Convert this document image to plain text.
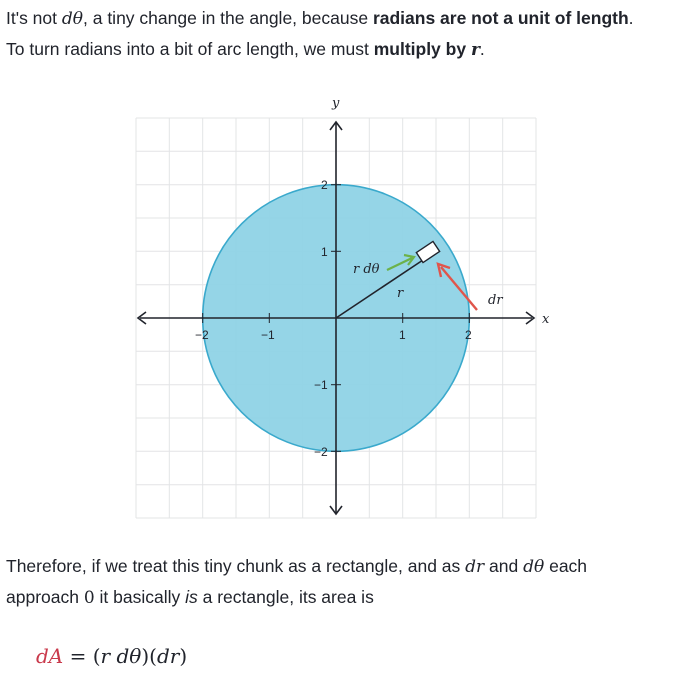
It's not dθ, a tiny change in the angle, because radians are not a unit of length.
To turn radians into a bit of arc length, we must multiply by r.

−2	−1	1	2
2
1
−1
−2
x
y
r dθ
r	dr

Therefore, if we treat this tiny chunk as a rectangle, and as dr and dθ each
approach 0 it basically is a rectangle, its area is

dA = (r dθ)(dr)
